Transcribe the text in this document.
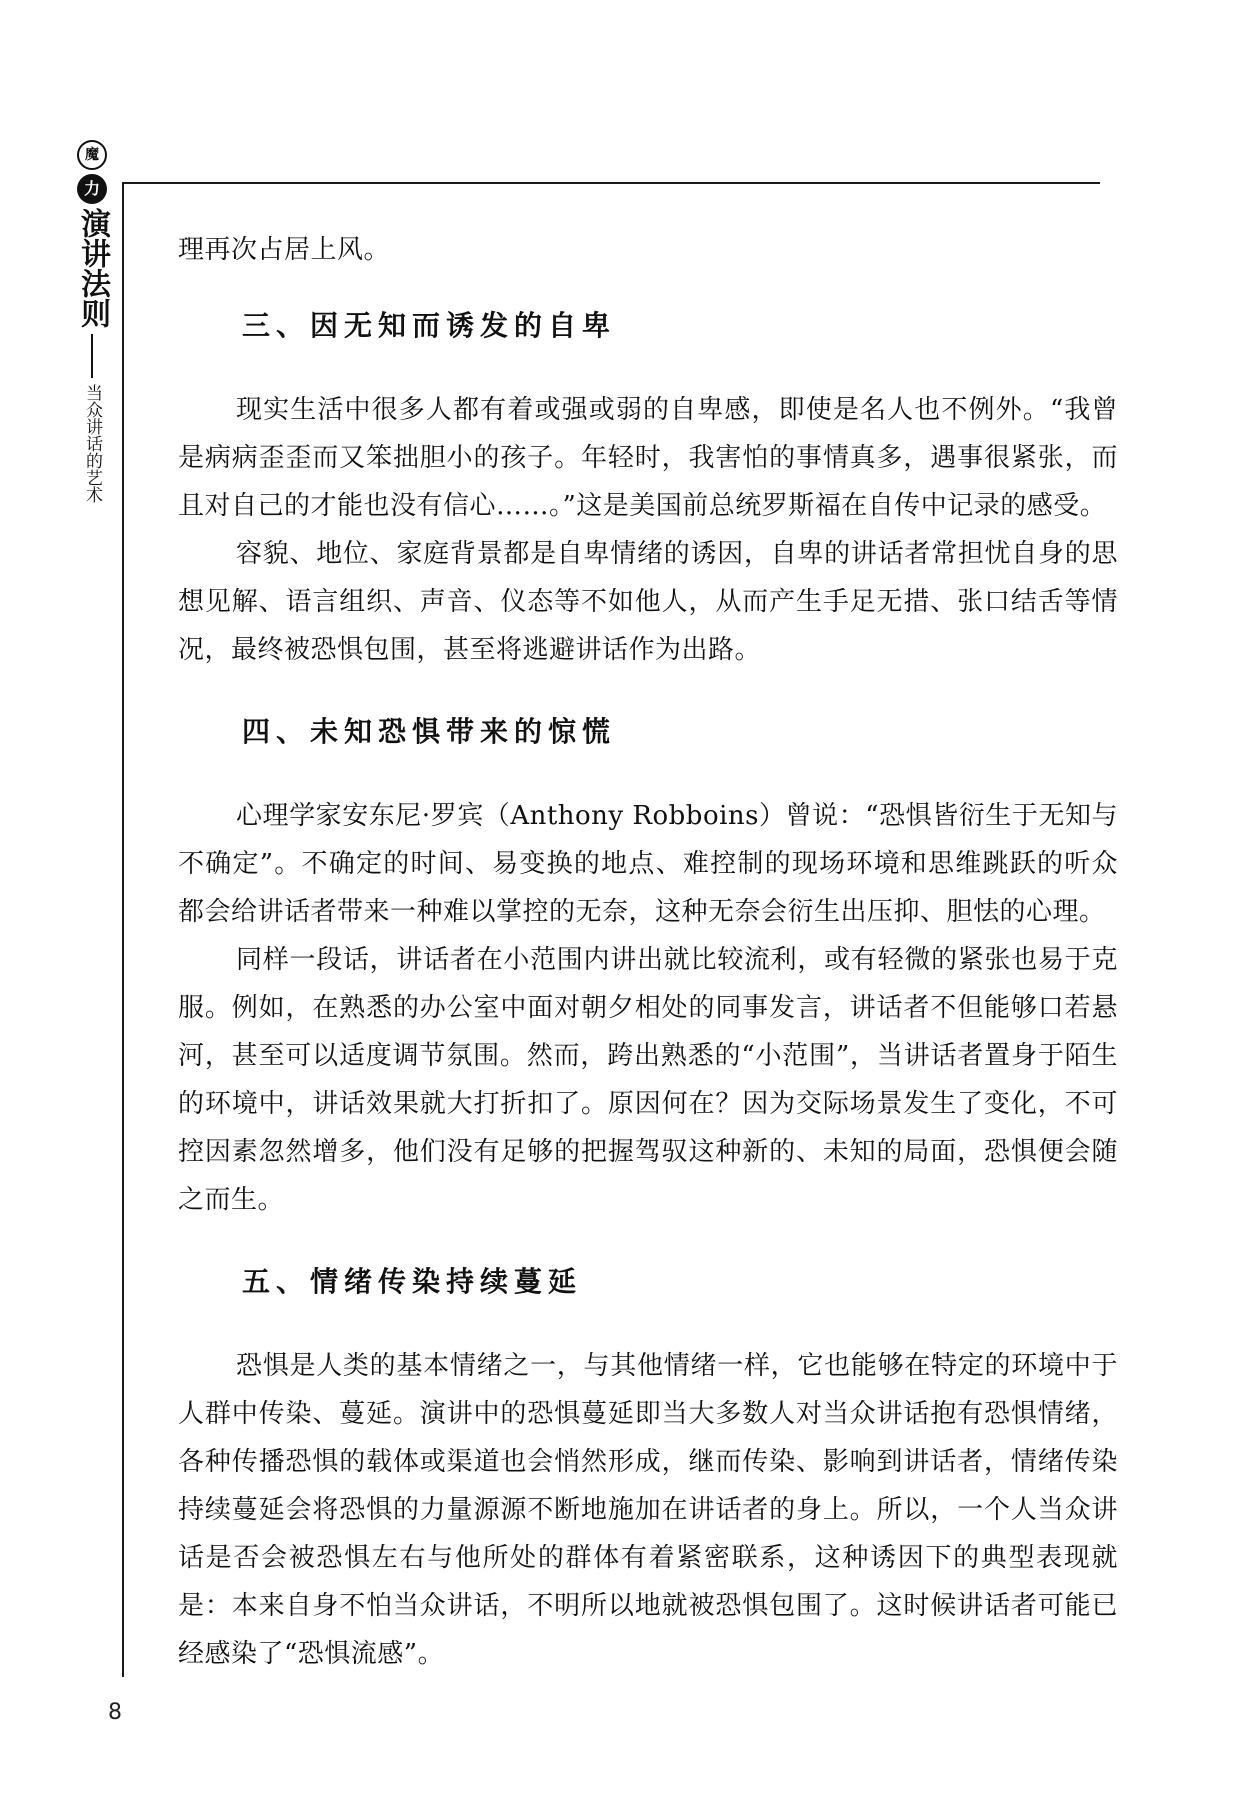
魔
力
演讲法则
当众讲话的艺术

理再次占居上风。

三、因无知而诱发的自卑

现实生活中很多人都有着或强或弱的自卑感，即使是名人也不例外。“我曾是病病歪歪而又笨拙胆小的孩子。年轻时，我害怕的事情真多，遇事很紧张，而且对自己的才能也没有信心……。”这是美国前总统罗斯福在自传中记录的感受。

容貌、地位、家庭背景都是自卑情绪的诱因，自卑的讲话者常担忧自身的思想见解、语言组织、声音、仪态等不如他人，从而产生手足无措、张口结舌等情况，最终被恐惧包围，甚至将逃避讲话作为出路。

四、未知恐惧带来的惊慌

心理学家安东尼·罗宾（Anthony Robboins）曾说：“恐惧皆衍生于无知与不确定”。不确定的时间、易变换的地点、难控制的现场环境和思维跳跃的听众都会给讲话者带来一种难以掌控的无奈，这种无奈会衍生出压抑、胆怯的心理。

同样一段话，讲话者在小范围内讲出就比较流利，或有轻微的紧张也易于克服。例如，在熟悉的办公室中面对朝夕相处的同事发言，讲话者不但能够口若悬河，甚至可以适度调节氛围。然而，跨出熟悉的“小范围”，当讲话者置身于陌生的环境中，讲话效果就大打折扣了。原因何在？因为交际场景发生了变化，不可控因素忽然增多，他们没有足够的把握驾驭这种新的、未知的局面，恐惧便会随之而生。

五、情绪传染持续蔓延

恐惧是人类的基本情绪之一，与其他情绪一样，它也能够在特定的环境中于人群中传染、蔓延。演讲中的恐惧蔓延即当大多数人对当众讲话抱有恐惧情绪，各种传播恐惧的载体或渠道也会悄然形成，继而传染、影响到讲话者，情绪传染持续蔓延会将恐惧的力量源源不断地施加在讲话者的身上。所以，一个人当众讲话是否会被恐惧左右与他所处的群体有着紧密联系，这种诱因下的典型表现就是：本来自身不怕当众讲话，不明所以地就被恐惧包围了。这时候讲话者可能已经感染了“恐惧流感”。

8
